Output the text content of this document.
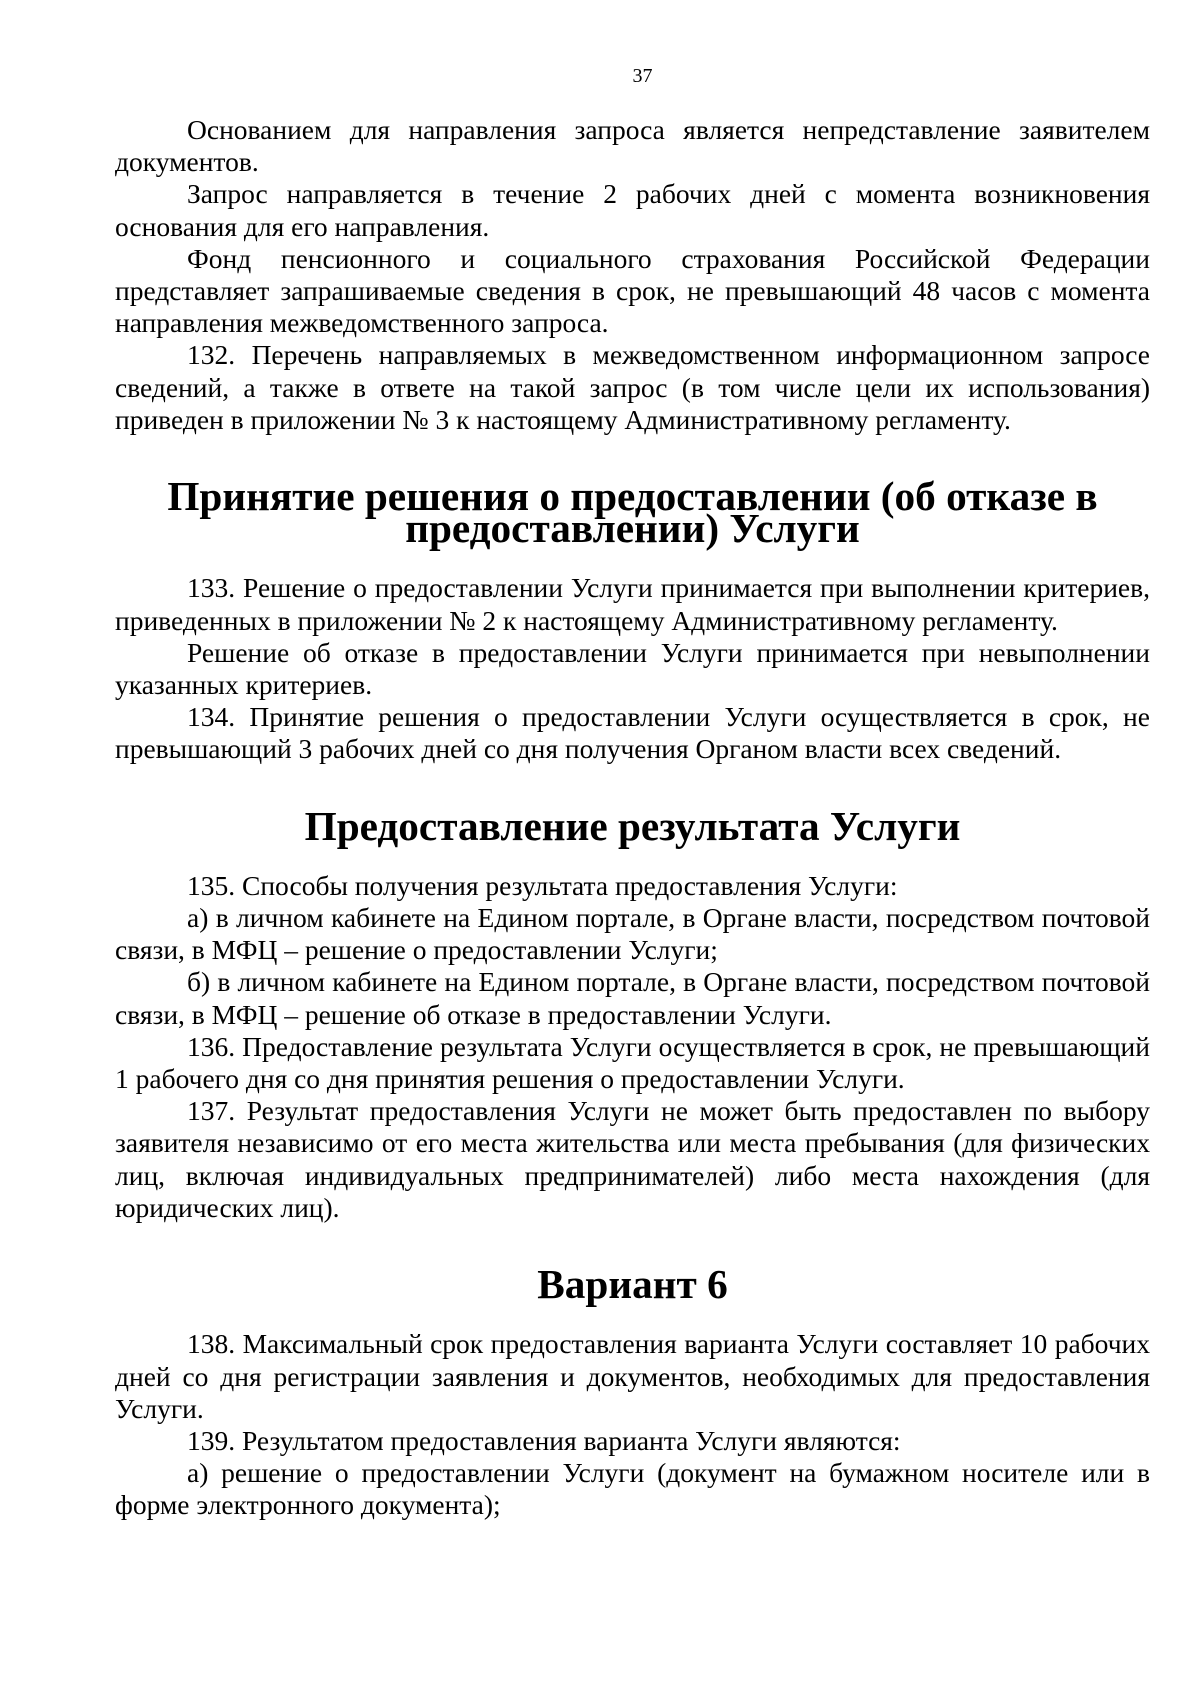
37

Основанием для направления запроса является непредставление заявителем документов.

Запрос направляется в течение 2 рабочих дней с момента возникновения основания для его направления.

Фонд пенсионного и социального страхования Российской Федерации представляет запрашиваемые сведения в срок, не превышающий 48 часов с момента направления межведомственного запроса.

132. Перечень направляемых в межведомственном информационном запросе сведений, а также в ответе на такой запрос (в том числе цели их использования) приведен в приложении № 3 к настоящему Административному регламенту.

Принятие решения о предоставлении (об отказе в предоставлении) Услуги

133. Решение о предоставлении Услуги принимается при выполнении критериев, приведенных в приложении № 2 к настоящему Административному регламенту.

Решение об отказе в предоставлении Услуги принимается при невыполнении указанных критериев.

134. Принятие решения о предоставлении Услуги осуществляется в срок, не превышающий 3 рабочих дней со дня получения Органом власти всех сведений.

Предоставление результата Услуги

135. Способы получения результата предоставления Услуги:

а) в личном кабинете на Едином портале, в Органе власти, посредством почтовой связи, в МФЦ – решение о предоставлении Услуги;

б) в личном кабинете на Едином портале, в Органе власти, посредством почтовой связи, в МФЦ – решение об отказе в предоставлении Услуги.

136. Предоставление результата Услуги осуществляется в срок, не превышающий 1 рабочего дня со дня принятия решения о предоставлении Услуги.

137. Результат предоставления Услуги не может быть предоставлен по выбору заявителя независимо от его места жительства или места пребывания (для физических лиц, включая индивидуальных предпринимателей) либо места нахождения (для юридических лиц).

Вариант 6

138. Максимальный срок предоставления варианта Услуги составляет 10 рабочих дней со дня регистрации заявления и документов, необходимых для предоставления Услуги.

139. Результатом предоставления варианта Услуги являются:

а) решение о предоставлении Услуги (документ на бумажном носителе или в форме электронного документа);
